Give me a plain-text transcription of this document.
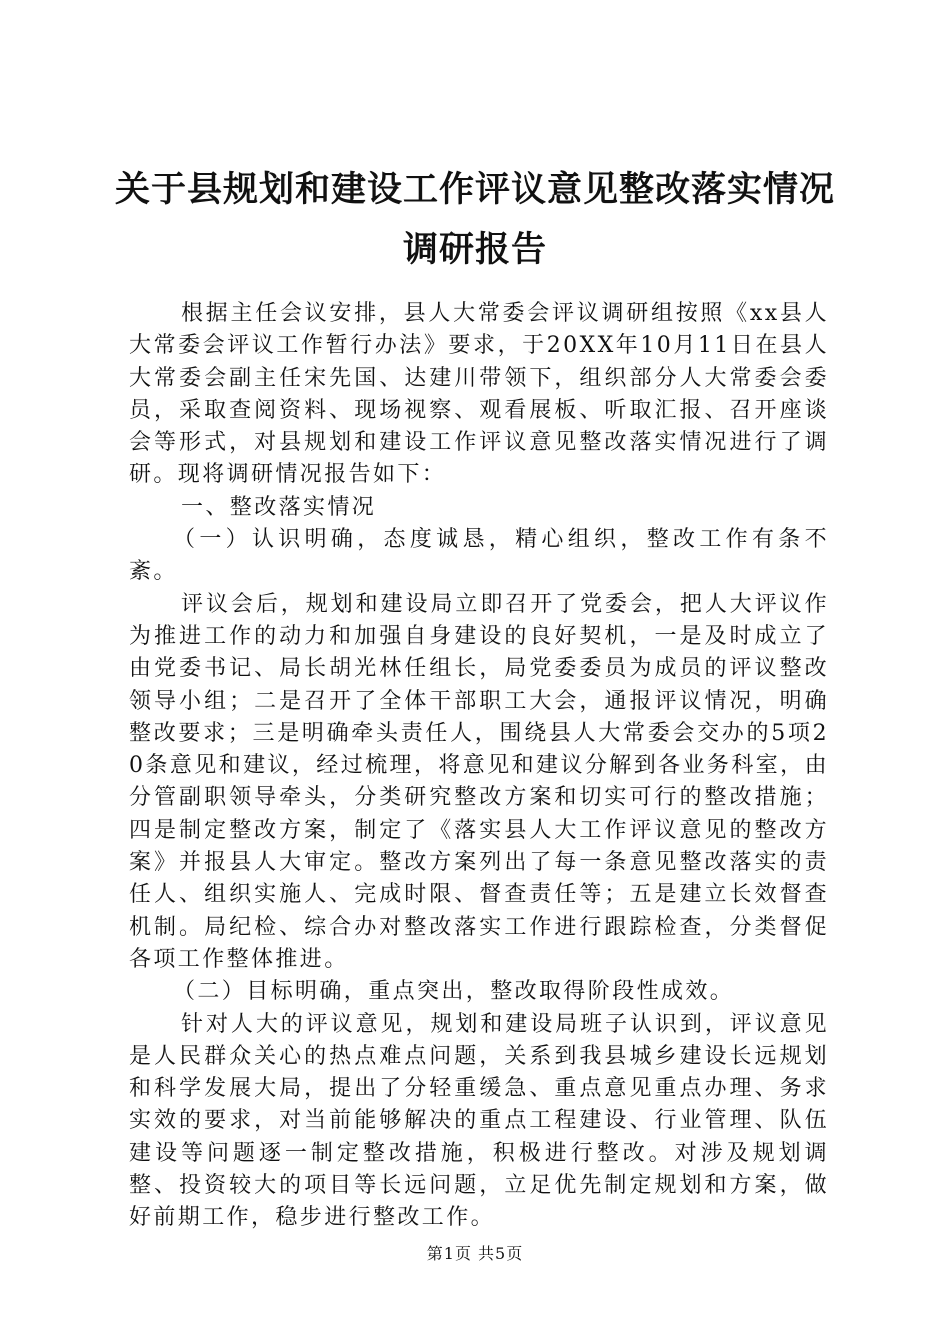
关于县规划和建设工作评议意见整改落实情况
调研报告

根据主任会议安排，县人大常委会评议调研组按照《xx县人大常委会评议工作暂行办法》要求，于20XX年10月11日在县人大常委会副主任宋先国、达建川带领下，组织部分人大常委会委员，采取查阅资料、现场视察、观看展板、听取汇报、召开座谈会等形式，对县规划和建设工作评议意见整改落实情况进行了调研。现将调研情况报告如下：

一、整改落实情况

（一）认识明确，态度诚恳，精心组织，整改工作有条不紊。

评议会后，规划和建设局立即召开了党委会，把人大评议作为推进工作的动力和加强自身建设的良好契机，一是及时成立了由党委书记、局长胡光林任组长，局党委委员为成员的评议整改领导小组；二是召开了全体干部职工大会，通报评议情况，明确整改要求；三是明确牵头责任人，围绕县人大常委会交办的5项20条意见和建议，经过梳理，将意见和建议分解到各业务科室，由分管副职领导牵头，分类研究整改方案和切实可行的整改措施；四是制定整改方案，制定了《落实县人大工作评议意见的整改方案》并报县人大审定。整改方案列出了每一条意见整改落实的责任人、组织实施人、完成时限、督查责任等；五是建立长效督查机制。局纪检、综合办对整改落实工作进行跟踪检查，分类督促各项工作整体推进。

（二）目标明确，重点突出，整改取得阶段性成效。

针对人大的评议意见，规划和建设局班子认识到，评议意见是人民群众关心的热点难点问题，关系到我县城乡建设长远规划和科学发展大局，提出了分轻重缓急、重点意见重点办理、务求实效的要求，对当前能够解决的重点工程建设、行业管理、队伍建设等问题逐一制定整改措施，积极进行整改。对涉及规划调整、投资较大的项目等长远问题，立足优先制定规划和方案，做好前期工作，稳步进行整改工作。

第1页 共5页
